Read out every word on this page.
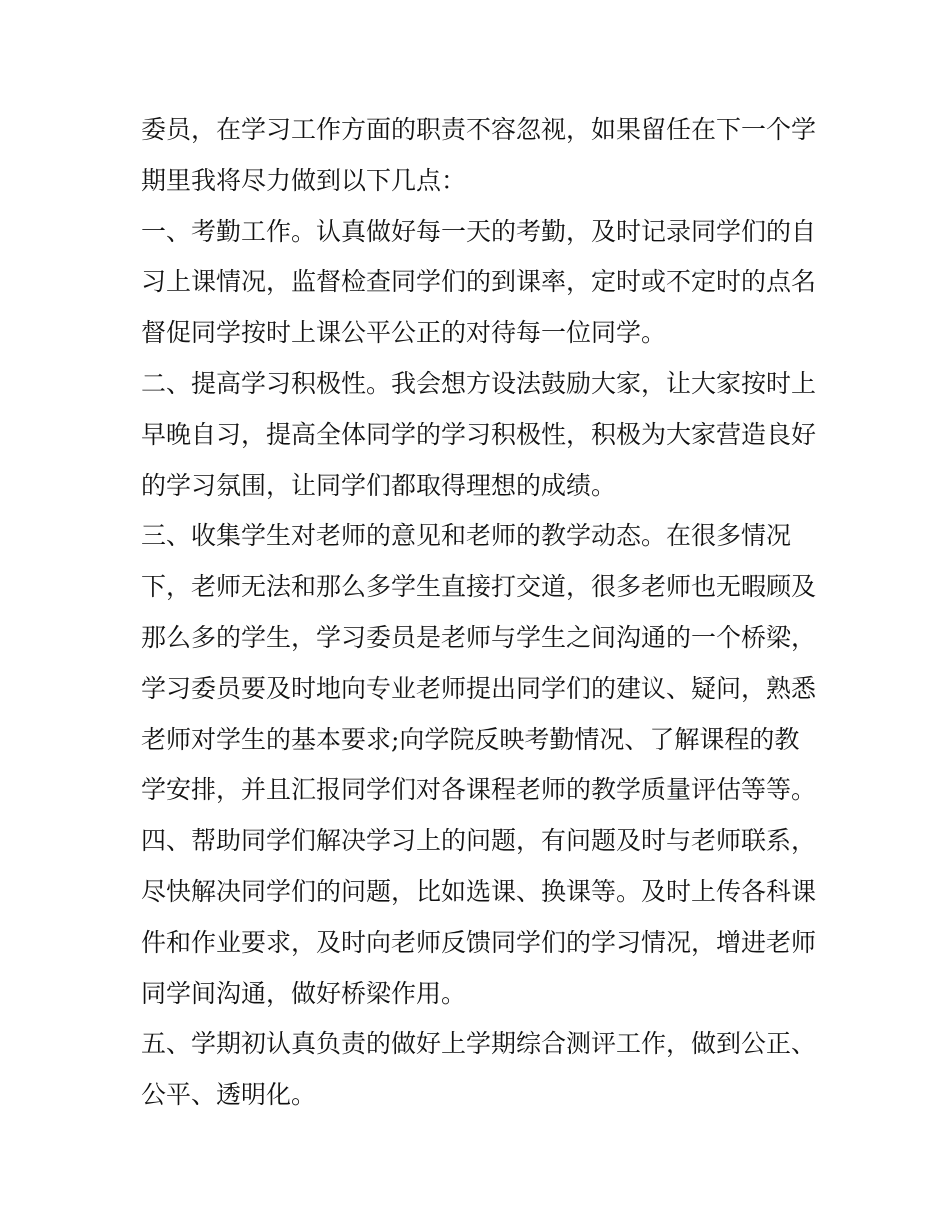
委员，在学习工作方面的职责不容忽视，如果留任在下一个学
期里我将尽力做到以下几点：
一、考勤工作。认真做好每一天的考勤，及时记录同学们的自
习上课情况，监督检查同学们的到课率，定时或不定时的点名
督促同学按时上课公平公正的对待每一位同学。
二、提高学习积极性。我会想方设法鼓励大家，让大家按时上
早晚自习，提高全体同学的学习积极性，积极为大家营造良好
的学习氛围，让同学们都取得理想的成绩。
三、收集学生对老师的意见和老师的教学动态。在很多情况
下，老师无法和那么多学生直接打交道，很多老师也无暇顾及
那么多的学生，学习委员是老师与学生之间沟通的一个桥梁，
学习委员要及时地向专业老师提出同学们的建议、疑问，熟悉
老师对学生的基本要求;向学院反映考勤情况、了解课程的教
学安排，并且汇报同学们对各课程老师的教学质量评估等等。
四、帮助同学们解决学习上的问题，有问题及时与老师联系，
尽快解决同学们的问题，比如选课、换课等。及时上传各科课
件和作业要求，及时向老师反馈同学们的学习情况，增进老师
同学间沟通，做好桥梁作用。
五、学期初认真负责的做好上学期综合测评工作，做到公正、
公平、透明化。
